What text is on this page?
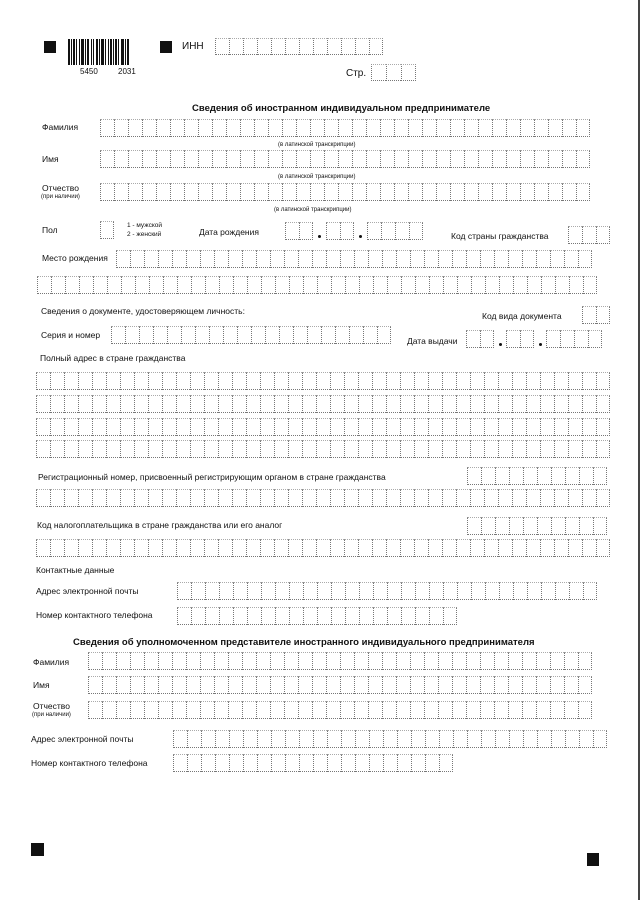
5450	2031
ИНН
Стр.
Сведения об иностранном индивидуальном предпринимателе
Фамилия
(в латинской транскрипции)
Имя
(в латинской транскрипции)
Отчество
(при наличии)
(в латинской транскрипции)
Пол	1 - мужской
2 - женский	Дата рождения	Код страны гражданства
Место рождения
Сведения о документе, удостоверяющем личность:	Код вида документа
Серия и номер
Дата выдачи
Полный адрес в стране гражданства
Регистрационный номер, присвоенный регистрирующим органом в стране гражданства
Код налогоплательщика в стране гражданства или его аналог
Контактные данные
Адрес электронной почты
Номер контактного телефона
Сведения об уполномоченном представителе иностранного индивидуального предпринимателя
Фамилия
Имя
Отчество
(при наличии)
Адрес электронной почты
Номер контактного телефона
